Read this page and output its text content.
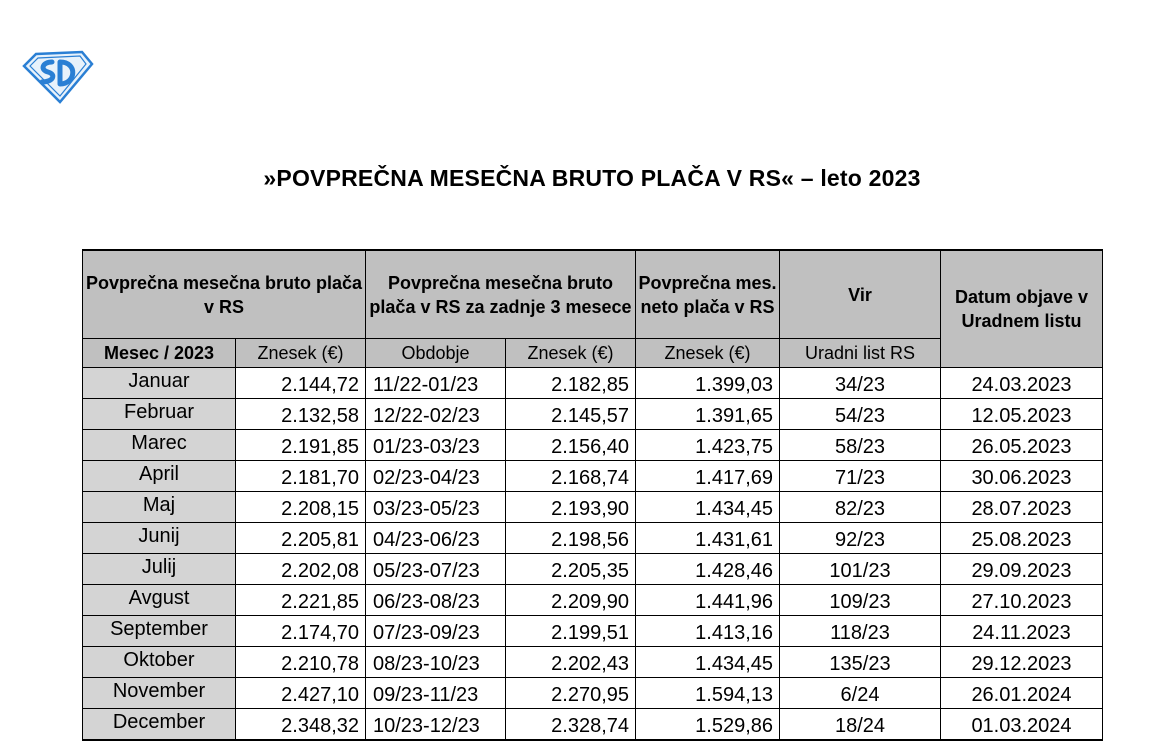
»POVPREČNA MESEČNA BRUTO PLAČA V RS« – leto 2023
Povprečna mesečna bruto plača v RS		Povprečna mesečna bruto plača v RS za zadnje 3 mesece		Povprečna mes. neto plača v RS	Vir	Datum objave v Uradnem listu
Mesec / 2023	Znesek (€)	Obdobje	Znesek (€)	Znesek (€)	Uradni list RS	
Januar	2.144,72	11/22-01/23	2.182,85	1.399,03	34/23	24.03.2023
Februar	2.132,58	12/22-02/23	2.145,57	1.391,65	54/23	12.05.2023
Marec	2.191,85	01/23-03/23	2.156,40	1.423,75	58/23	26.05.2023
April	2.181,70	02/23-04/23	2.168,74	1.417,69	71/23	30.06.2023
Maj	2.208,15	03/23-05/23	2.193,90	1.434,45	82/23	28.07.2023
Junij	2.205,81	04/23-06/23	2.198,56	1.431,61	92/23	25.08.2023
Julij	2.202,08	05/23-07/23	2.205,35	1.428,46	101/23	29.09.2023
Avgust	2.221,85	06/23-08/23	2.209,90	1.441,96	109/23	27.10.2023
September	2.174,70	07/23-09/23	2.199,51	1.413,16	118/23	24.11.2023
Oktober	2.210,78	08/23-10/23	2.202,43	1.434,45	135/23	29.12.2023
November	2.427,10	09/23-11/23	2.270,95	1.594,13	6/24	26.01.2024
December	2.348,32	10/23-12/23	2.328,74	1.529,86	18/24	01.03.2024
